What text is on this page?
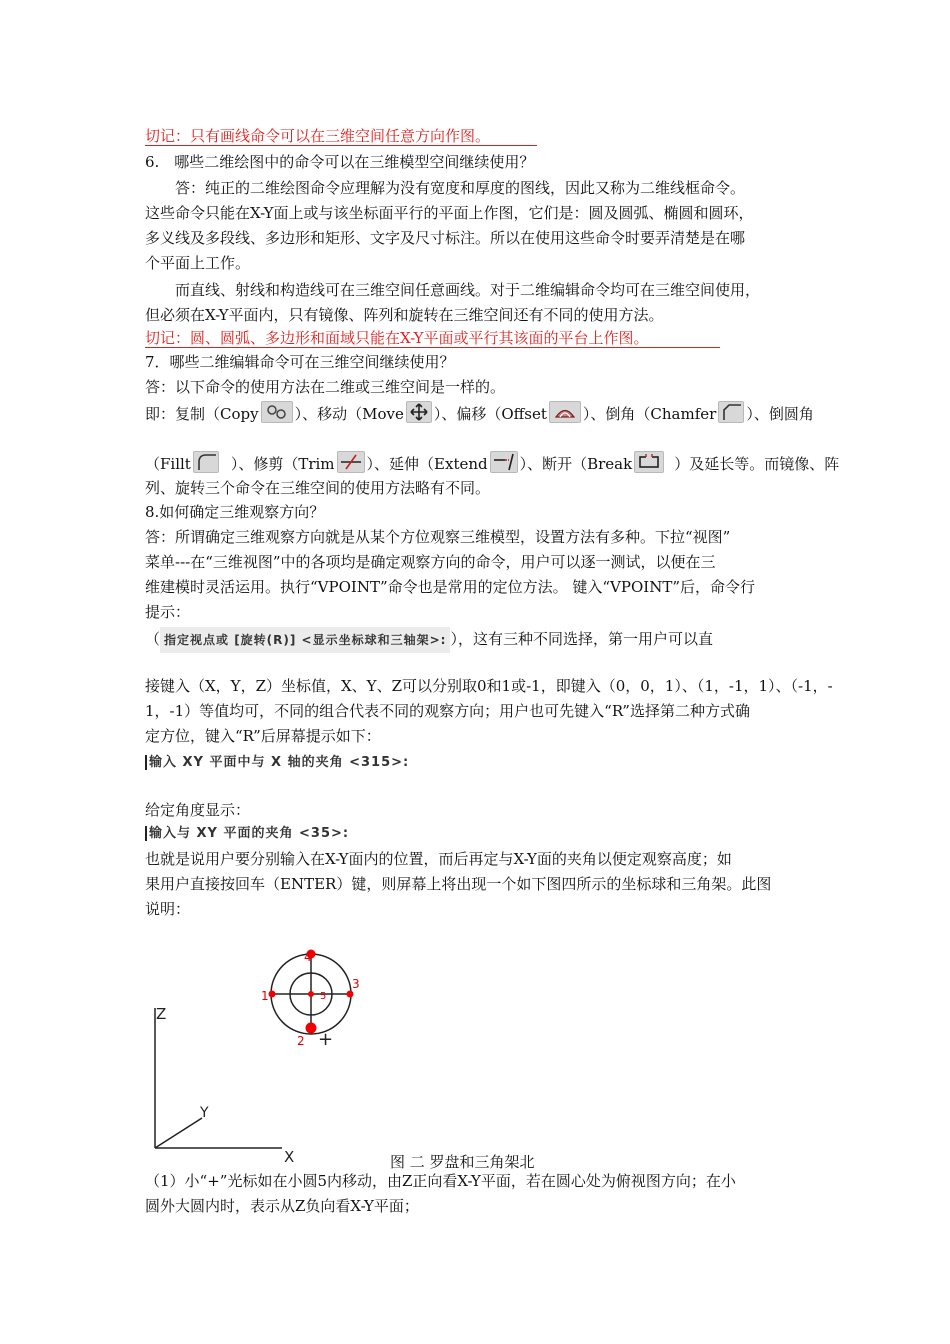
切记：只有画线命令可以在三维空间任意方向作图。
6.　哪些二维绘图中的命令可以在三维模型空间继续使用？
答：纯正的二维绘图命令应理解为没有宽度和厚度的图线，因此又称为二维线框命令。
这些命令只能在X-Y面上或与该坐标面平行的平面上作图，它们是：圆及圆弧、椭圆和圆环，
多义线及多段线、多边形和矩形、文字及尺寸标注。所以在使用这些命令时要弄清楚是在哪
个平面上工作。
而直线、射线和构造线可在三维空间任意画线。对于二维编辑命令均可在三维空间使用，
但必须在X-Y平面内，只有镜像、阵列和旋转在三维空间还有不同的使用方法。
切记：圆、圆弧、多边形和面域只能在X-Y平面或平行其该面的平台上作图。
7．哪些二维编辑命令可在三维空间继续使用？
答：以下命令的使用方法在二维或三维空间是一样的。
即：复制（Copy ）、移动（Move ）、偏移（Offset ）、倒角（Chamfer ）、倒圆角
（Fillt	）、修剪（Trim ）、延伸（Extend ）、断开（Break	）及延长等。而镜像、阵
列、旋转三个命令在三维空间的使用方法略有不同。
8.如何确定三维观察方向？
答：所谓确定三维观察方向就是从某个方位观察三维模型，设置方法有多种。下拉“视图”
菜单---在“三维视图”中的各项均是确定观察方向的命令，用户可以逐一测试，以便在三
维建模时灵活运用。执行“VPOINT”命令也是常用的定位方法。 键入“VPOINT”后，命令行
提示：
（ 指定视点或 [旋转(R)] <显示坐标球和三轴架>: ），这有三种不同选择，第一用户可以直
接键入（X，Y，Z）坐标值，X、Y、Z可以分别取0和1或-1，即键入（0，0，1）、（1，-1，1）、（-1，-
1，-1）等值均可，不同的组合代表不同的观察方向；用户也可先键入“R”选择第二种方式确
定方位，键入“R”后屏幕提示如下：
输入 XY 平面中与 X 轴的夹角 <315>:
给定角度显示：
输入与 XY 平面的夹角 <35>:
也就是说用户要分别输入在X-Y面内的位置，而后再定与X-Y面的夹角以便定观察高度；如
果用户直接按回车（ENTER）键，则屏幕上将出现一个如下图四所示的坐标球和三角架。此图
说明：
（1）小“+”光标如在小圆5内移动，由Z正向看X-Y平面，若在圆心处为俯视图方向；在小
圆外大圆内时，表示从Z负向看X-Y平面；
Z
Y
X
4
1
3
5
2 +
图 二 罗盘和三角架北
